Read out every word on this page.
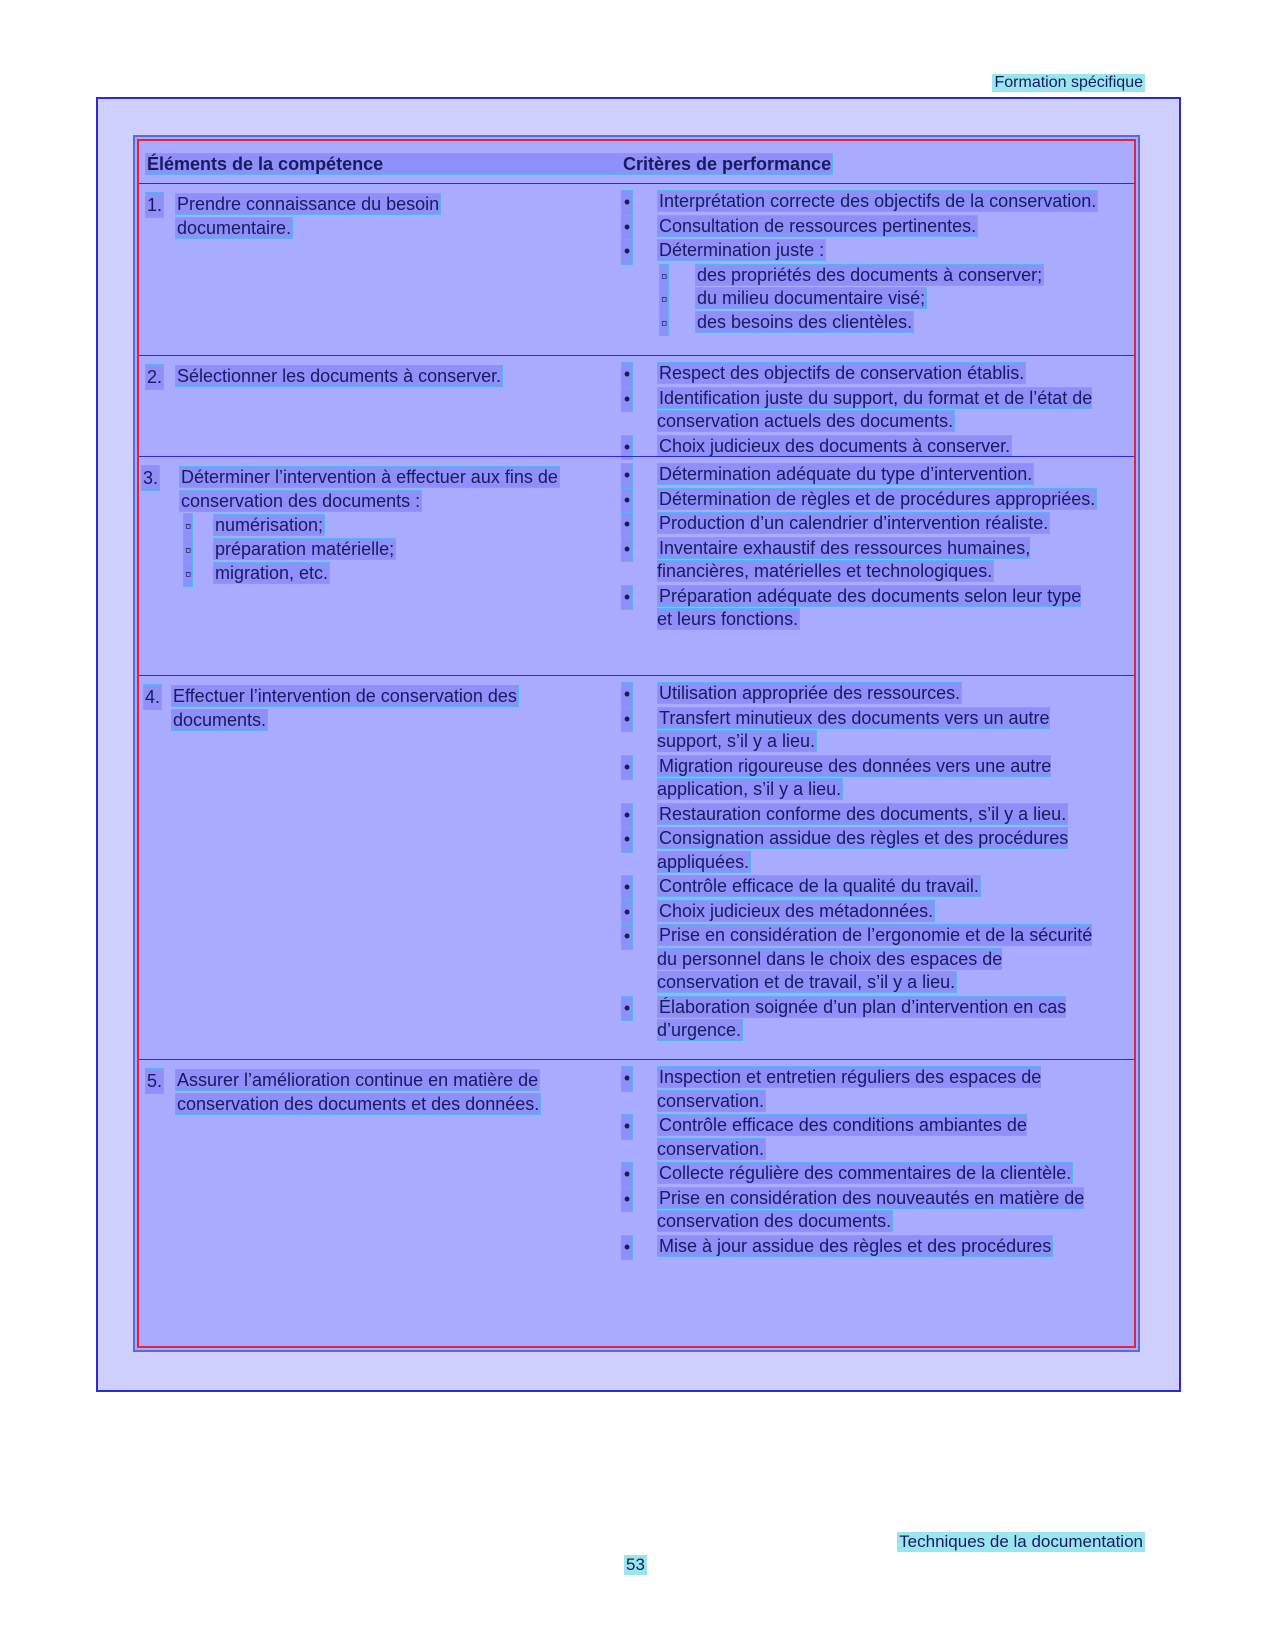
Formation spécifique
Éléments de la compétence	Critères de performance
1. Prendre connaissance du besoin
documentaire.
• Interprétation correcte des objectifs de la conservation.
• Consultation de ressources pertinentes.
• Détermination juste :
▫ des propriétés des documents à conserver;
▫ du milieu documentaire visé;
▫ des besoins des clientèles.
2. Sélectionner les documents à conserver.	• Respect des objectifs de conservation établis.
• Identification juste du support, du format et de l’état de conservation actuels des documents.
• Choix judicieux des documents à conserver.
3. Déterminer l’intervention à effectuer aux fins de
conservation des documents :
▫ numérisation;
▫ préparation matérielle;
▫ migration, etc.
• Détermination adéquate du type d’intervention.
• Détermination de règles et de procédures appropriées.
• Production d’un calendrier d’intervention réaliste.
• Inventaire exhaustif des ressources humaines, financières, matérielles et technologiques.
• Préparation adéquate des documents selon leur type et leurs fonctions.
4. Effectuer l’intervention de conservation des
documents.
• Utilisation appropriée des ressources.
• Transfert minutieux des documents vers un autre support, s’il y a lieu.
• Migration rigoureuse des données vers une autre application, s’il y a lieu.
• Restauration conforme des documents, s’il y a lieu.
• Consignation assidue des règles et des procédures appliquées.
• Contrôle efficace de la qualité du travail.
• Choix judicieux des métadonnées.
• Prise en considération de l’ergonomie et de la sécurité du personnel dans le choix des espaces de conservation et de travail, s’il y a lieu.
• Élaboration soignée d’un plan d’intervention en cas d’urgence.
5. Assurer l’amélioration continue en matière de
conservation des documents et des données.
• Inspection et entretien réguliers des espaces de conservation.
• Contrôle efficace des conditions ambiantes de conservation.
• Collecte régulière des commentaires de la clientèle.
• Prise en considération des nouveautés en matière de conservation des documents.
• Mise à jour assidue des règles et des procédures
Techniques de la documentation
53
